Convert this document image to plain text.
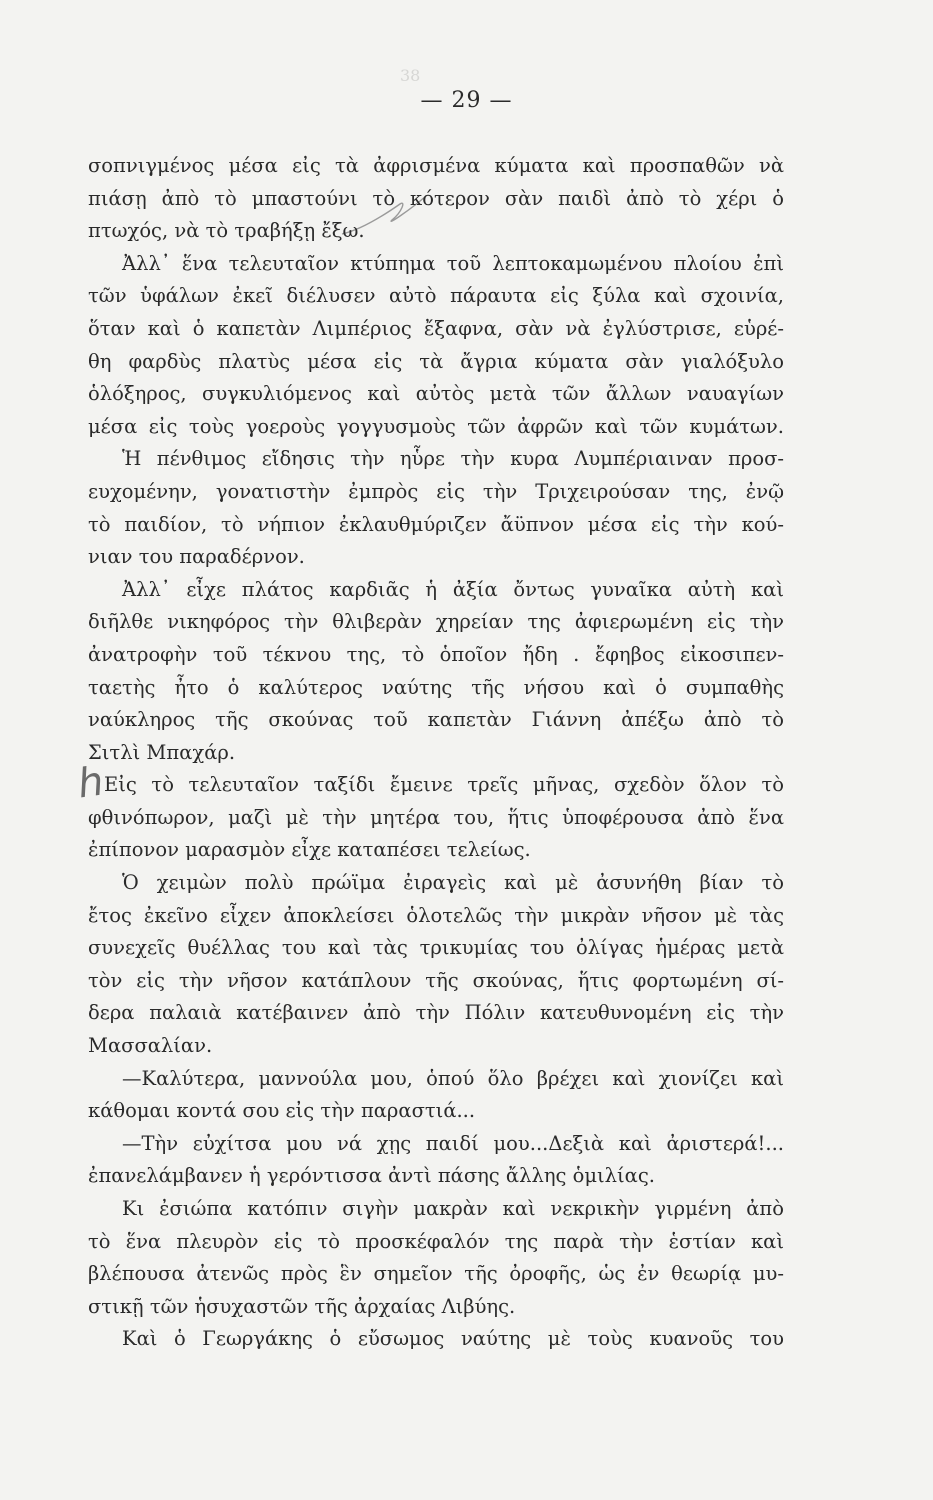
38
— 29 —
h
σοπνιγμένος μέσα εἰς τὰ ἀφρισμένα κύματα καὶ προσπαθῶν νὰ
πιάσῃ ἀπὸ τὸ μπαστούνι τὸ κότερον σὰν παιδὶ ἀπὸ τὸ χέρι ὁ
πτωχός, νὰ τὸ τραβήξῃ ἔξω.
Ἀλλ᾽ ἕνα τελευταῖον κτύπημα τοῦ λεπτοκαμωμένου πλοίου ἐπὶ
τῶν ὑφάλων ἐκεῖ διέλυσεν αὐτὸ πάραυτα εἰς ξύλα καὶ σχοινία,
ὅταν καὶ ὁ καπετὰν Λιμπέριος ἔξαφνα, σὰν νὰ ἐγλύστρισε, εὑρέ-
θη φαρδὺς πλατὺς μέσα εἰς τὰ ἄγρια κύματα σὰν γιαλόξυλο
ὁλόξηρος, συγκυλιόμενος καὶ αὐτὸς μετὰ τῶν ἄλλων ναυαγίων
μέσα εἰς τοὺς γοεροὺς γογγυσμοὺς τῶν ἀφρῶν καὶ τῶν κυμάτων.
Ἡ πένθιμος εἴδησις τὴν ηὗρε τὴν κυρα Λυμπέριαιναν προσ-
ευχομένην, γονατιστὴν ἐμπρὸς εἰς τὴν Τριχειρούσαν της, ἐνῷ
τὸ παιδίον, τὸ νήπιον ἐκλαυθμύριζεν ἄϋπνον μέσα εἰς τὴν κού-
νιαν του παραδέρνον.
Ἀλλ᾽ εἶχε πλάτος καρδιᾶς ἡ ἀξία ὄντως γυναῖκα αὐτὴ καὶ
διῆλθε νικηφόρος τὴν θλιβερὰν χηρείαν της ἀφιερωμένη εἰς τὴν
ἀνατροφὴν τοῦ τέκνου της, τὸ ὁποῖον ἤδη . ἔφηβος εἰκοσιπεν-
ταετὴς ἦτο ὁ καλύτερος ναύτης τῆς νήσου καὶ ὁ συμπαθὴς
ναύκληρος τῆς σκούνας τοῦ καπετὰν Γιάννη ἀπέξω ἀπὸ τὸ
Σιτλὶ Μπαχάρ.
Εἰς τὸ τελευταῖον ταξίδι ἔμεινε τρεῖς μῆνας, σχεδὸν ὅλον τὸ
φθινόπωρον, μαζὶ μὲ τὴν μητέρα του, ἥτις ὑποφέρουσα ἀπὸ ἕνα
ἐπίπονον μαρασμὸν εἶχε καταπέσει τελείως.
Ὁ χειμὼν πολὺ πρώϊμα ἐιραγεὶς καὶ μὲ ἀσυνήθη βίαν τὸ
ἔτος ἐκεῖνο εἶχεν ἀποκλείσει ὁλοτελῶς τὴν μικρὰν νῆσον μὲ τὰς
συνεχεῖς θυέλλας του καὶ τὰς τρικυμίας του ὀλίγας ἡμέρας μετὰ
τὸν εἰς τὴν νῆσον κατάπλουν τῆς σκούνας, ἥτις φορτωμένη σί-
δερα παλαιὰ κατέβαινεν ἀπὸ τὴν Πόλιν κατευθυνομένη εἰς τὴν
Μασσαλίαν.
—Καλύτερα, μαννούλα μου, ὁπού ὅλο βρέχει καὶ χιονίζει καὶ
κάθομαι κοντά σου εἰς τὴν παραστιά...
—Τὴν εὐχίτσα μου νά χῃς παιδί μου...Δεξιὰ καὶ ἀριστερά!...
ἐπανελάμβανεν ἡ γερόντισσα ἀντὶ πάσης ἄλλης ὁμιλίας.
Κι ἐσιώπα κατόπιν σιγὴν μακρὰν καὶ νεκρικὴν γιρμένη ἀπὸ
τὸ ἕνα πλευρὸν εἰς τὸ προσκέφαλόν της παρὰ τὴν ἑστίαν καὶ
βλέπουσα ἀτενῶς πρὸς ἓν σημεῖον τῆς ὀροφῆς, ὡς ἐν θεωρίᾳ μυ-
στικῇ τῶν ἡσυχαστῶν τῆς ἀρχαίας Λιβύης.
Καὶ ὁ Γεωργάκης ὁ εὔσωμος ναύτης μὲ τοὺς κυανοῦς του
